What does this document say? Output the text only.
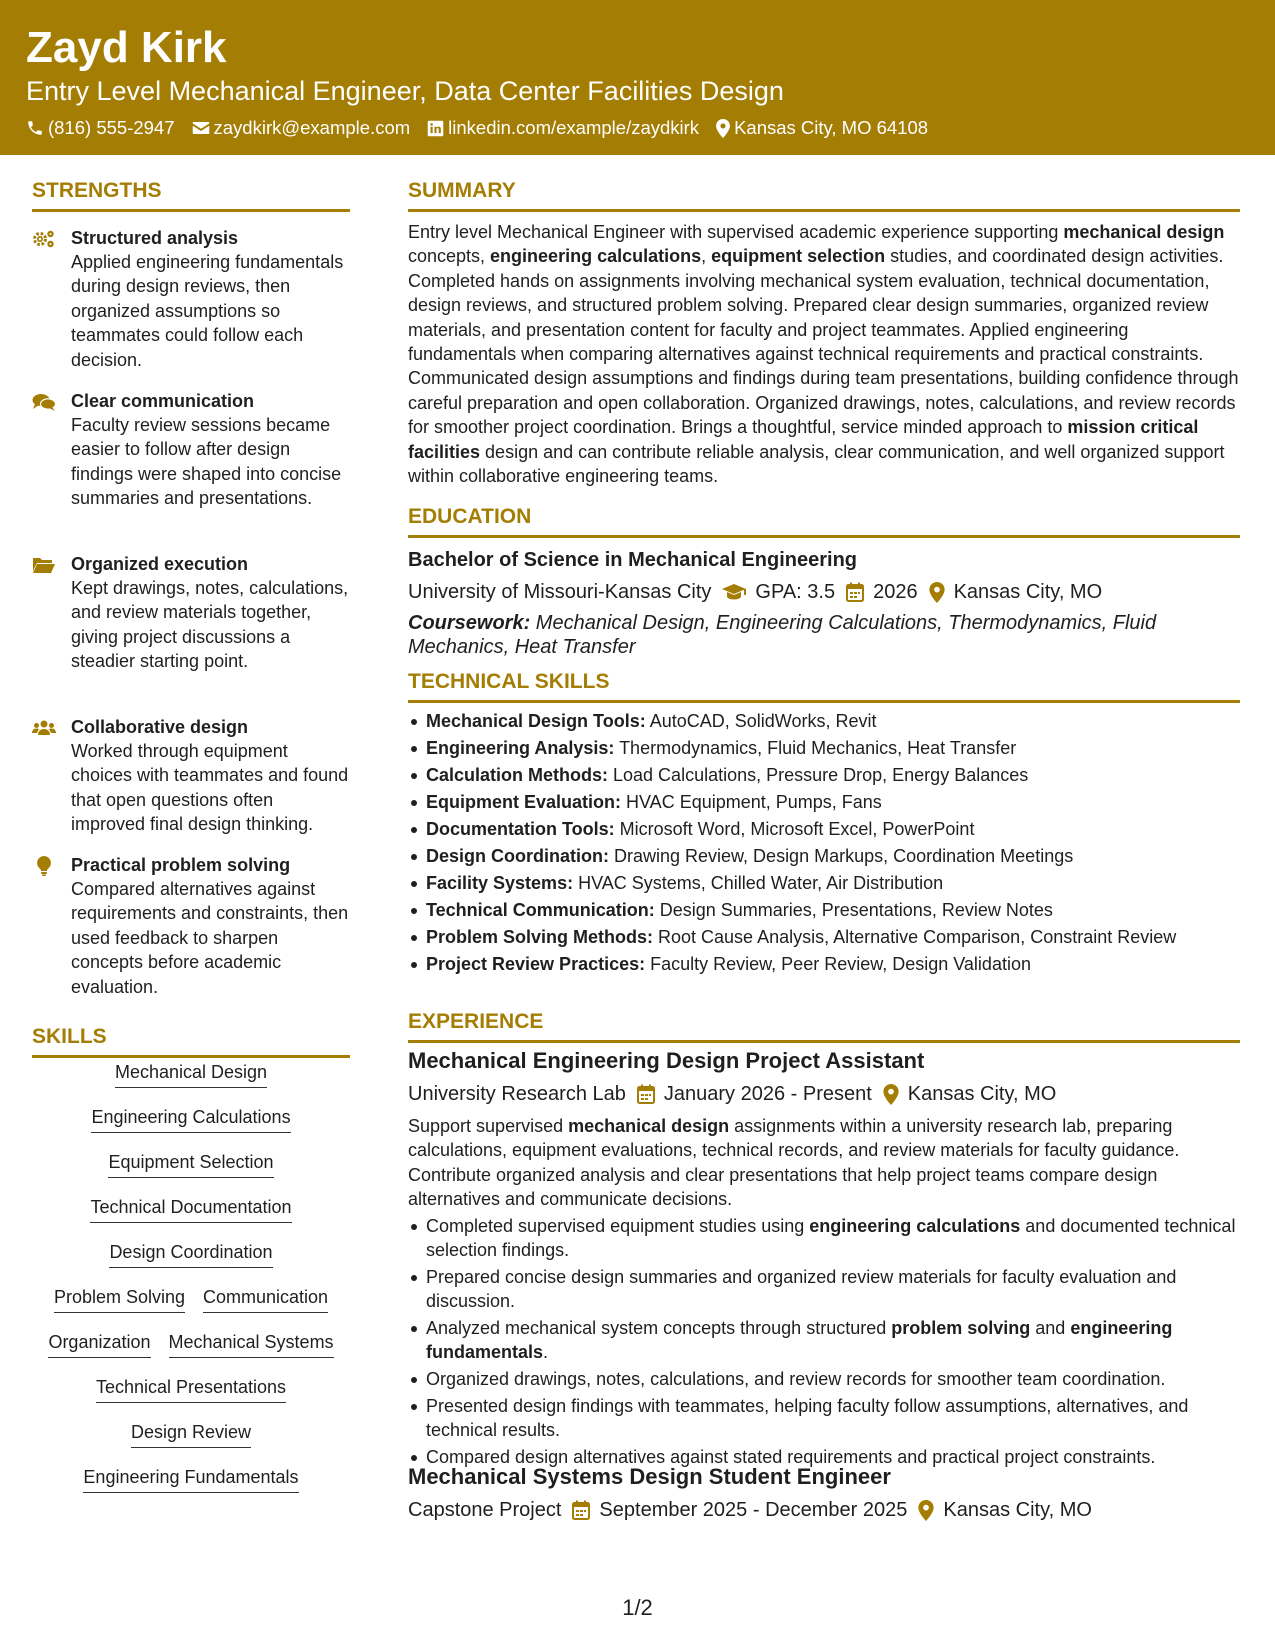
Zayd Kirk
Entry Level Mechanical Engineer, Data Center Facilities Design
(816) 555-2947 zaydkirk@example.com linkedin.com/example/zaydkirk Kansas City, MO 64108
STRENGTHS
Structured analysis
Applied engineering fundamentals during design reviews, then organized assumptions so teammates could follow each decision.
Clear communication
Faculty review sessions became easier to follow after design findings were shaped into concise summaries and presentations.
Organized execution
Kept drawings, notes, calculations, and review materials together, giving project discussions a steadier starting point.
Collaborative design
Worked through equipment choices with teammates and found that open questions often improved final design thinking.
Practical problem solving
Compared alternatives against requirements and constraints, then used feedback to sharpen concepts before academic evaluation.
SKILLS
Mechanical Design
Engineering Calculations
Equipment Selection
Technical Documentation
Design Coordination
Problem Solving Communication
Organization Mechanical Systems
Technical Presentations
Design Review
Engineering Fundamentals
SUMMARY
Entry level Mechanical Engineer with supervised academic experience supporting mechanical design concepts, engineering calculations, equipment selection studies, and coordinated design activities. Completed hands on assignments involving mechanical system evaluation, technical documentation, design reviews, and structured problem solving. Prepared clear design summaries, organized review materials, and presentation content for faculty and project teammates. Applied engineering fundamentals when comparing alternatives against technical requirements and practical constraints. Communicated design assumptions and findings during team presentations, building confidence through careful preparation and open collaboration. Organized drawings, notes, calculations, and review records for smoother project coordination. Brings a thoughtful, service minded approach to mission critical facilities design and can contribute reliable analysis, clear communication, and well organized support within collaborative engineering teams.
EDUCATION
Bachelor of Science in Mechanical Engineering
University of Missouri-Kansas City GPA: 3.5 2026 Kansas City, MO
Coursework: Mechanical Design, Engineering Calculations, Thermodynamics, Fluid Mechanics, Heat Transfer
TECHNICAL SKILLS
Mechanical Design Tools: AutoCAD, SolidWorks, Revit
Engineering Analysis: Thermodynamics, Fluid Mechanics, Heat Transfer
Calculation Methods: Load Calculations, Pressure Drop, Energy Balances
Equipment Evaluation: HVAC Equipment, Pumps, Fans
Documentation Tools: Microsoft Word, Microsoft Excel, PowerPoint
Design Coordination: Drawing Review, Design Markups, Coordination Meetings
Facility Systems: HVAC Systems, Chilled Water, Air Distribution
Technical Communication: Design Summaries, Presentations, Review Notes
Problem Solving Methods: Root Cause Analysis, Alternative Comparison, Constraint Review
Project Review Practices: Faculty Review, Peer Review, Design Validation
EXPERIENCE
Mechanical Engineering Design Project Assistant
University Research Lab January 2026 - Present Kansas City, MO
Support supervised mechanical design assignments within a university research lab, preparing calculations, equipment evaluations, technical records, and review materials for faculty guidance. Contribute organized analysis and clear presentations that help project teams compare design alternatives and communicate decisions.
Completed supervised equipment studies using engineering calculations and documented technical selection findings.
Prepared concise design summaries and organized review materials for faculty evaluation and discussion.
Analyzed mechanical system concepts through structured problem solving and engineering fundamentals.
Organized drawings, notes, calculations, and review records for smoother team coordination.
Presented design findings with teammates, helping faculty follow assumptions, alternatives, and technical results.
Compared design alternatives against stated requirements and practical project constraints.
Mechanical Systems Design Student Engineer
Capstone Project September 2025 - December 2025 Kansas City, MO
1/2
